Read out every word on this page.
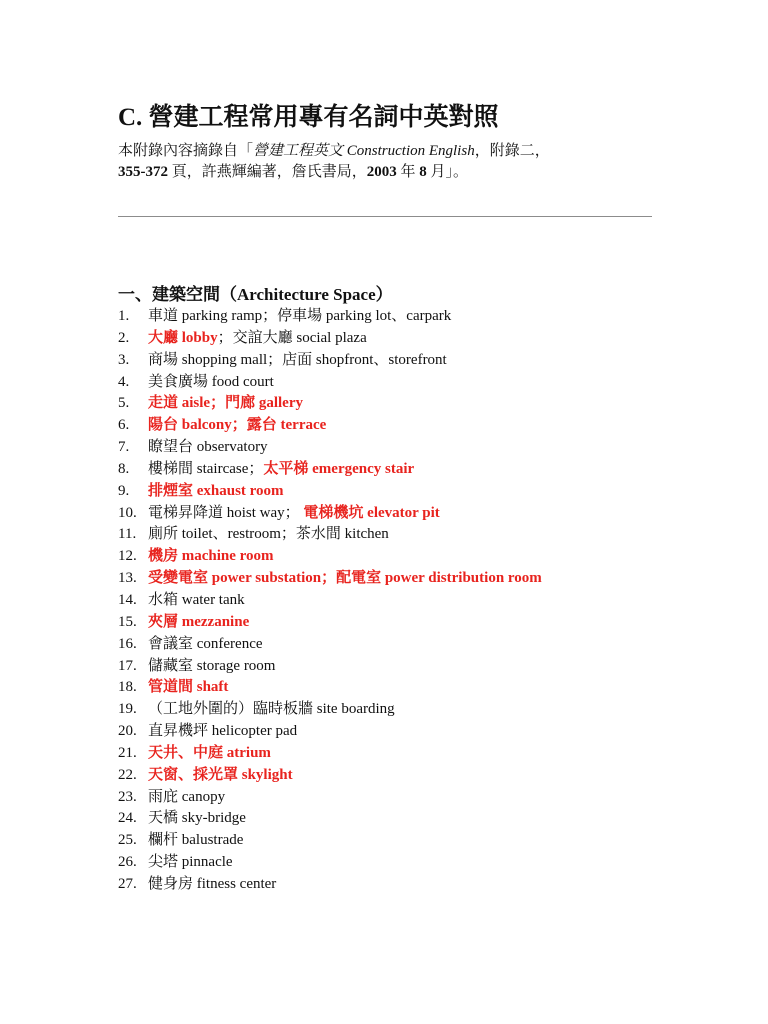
C. 營建工程常用專有名詞中英對照
本附錄內容摘錄自「營建工程英文 Construction English，附錄二，
355-372 頁，許燕輝編著，詹氏書局，2003 年 8 月」。
一、建築空間（Architecture Space）
1.	車道 parking ramp；停車場 parking lot、carpark
2.	大廳 lobby；交誼大廳 social plaza
3.	商場 shopping mall；店面 shopfront、storefront
4.	美食廣場 food court
5.	走道 aisle；門廊 gallery
6.	陽台 balcony；露台 terrace
7.	瞭望台 observatory
8.	樓梯間 staircase；太平梯 emergency stair
9.	排煙室 exhaust room
10. 電梯昇降道 hoist way； 電梯機坑 elevator pit
11. 廁所 toilet、restroom；茶水間 kitchen
12. 機房 machine room
13. 受變電室 power substation；配電室 power distribution room
14. 水箱 water tank
15. 夾層 mezzanine
16. 會議室 conference
17. 儲藏室 storage room
18. 管道間 shaft
19. （工地外圍的）臨時板牆 site boarding
20. 直昇機坪 helicopter pad
21. 天井、中庭 atrium
22. 天窗、採光罩 skylight
23. 雨庇 canopy
24. 天橋 sky-bridge
25. 欄杆 balustrade
26. 尖塔 pinnacle
27. 健身房 fitness center
